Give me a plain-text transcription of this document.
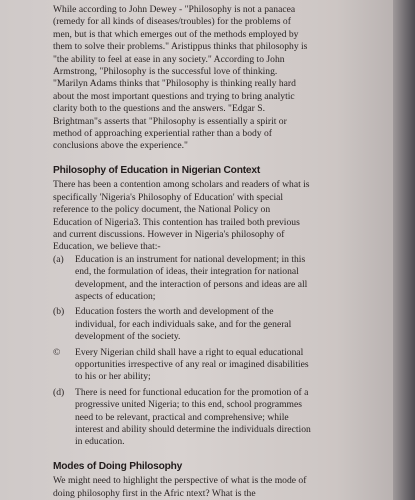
While according to John Dewey - "Philosophy is not a panacea
(remedy for all kinds of diseases/troubles) for the problems of
men, but is that which emerges out of the methods employed by
them to solve their problems." Aristippus thinks that philosophy is
"the ability to feel at ease in any society." According to John
Armstrong, "Philosophy is the successful love of thinking.
"Marilyn Adams thinks that "Philosophy is thinking really hard
about the most important questions and trying to bring analytic
clarity both to the questions and the answers. "Edgar S.
Brightman"s asserts that "Philosophy is essentially a spirit or
method of approaching experiential rather than a body of
conclusions above the experience."

Philosophy of Education in Nigerian Context

There has been a contention among scholars and readers of what is
specifically 'Nigeria's Philosophy of Education' with special
reference to the policy document, the National Policy on
Education of Nigeria3. This contention has trailed both previous
and current discussions. However in Nigeria's philosophy of
Education, we believe that:-

(a)	Education is an instrument for national development; in this
end, the formulation of ideas, their integration for national
development, and the interaction of persons and ideas are all
aspects of education;
(b)	Education fosters the worth and development of the
individual, for each individuals sake, and for the general
development of the society.
©	Every Nigerian child shall have a right to equal educational
opportunities irrespective of any real or imagined disabilities
to his or her ability;
(d)	There is need for functional education for the promotion of a
progressive united Nigeria; to this end, school programmes
need to be relevant, practical and comprehensive; while
interest and ability should determine the individuals direction
in education.
Modes of Doing Philosophy

We might need to highlight the perspective of what is the mode of
doing philosophy first in the Afric ntext? What is the
